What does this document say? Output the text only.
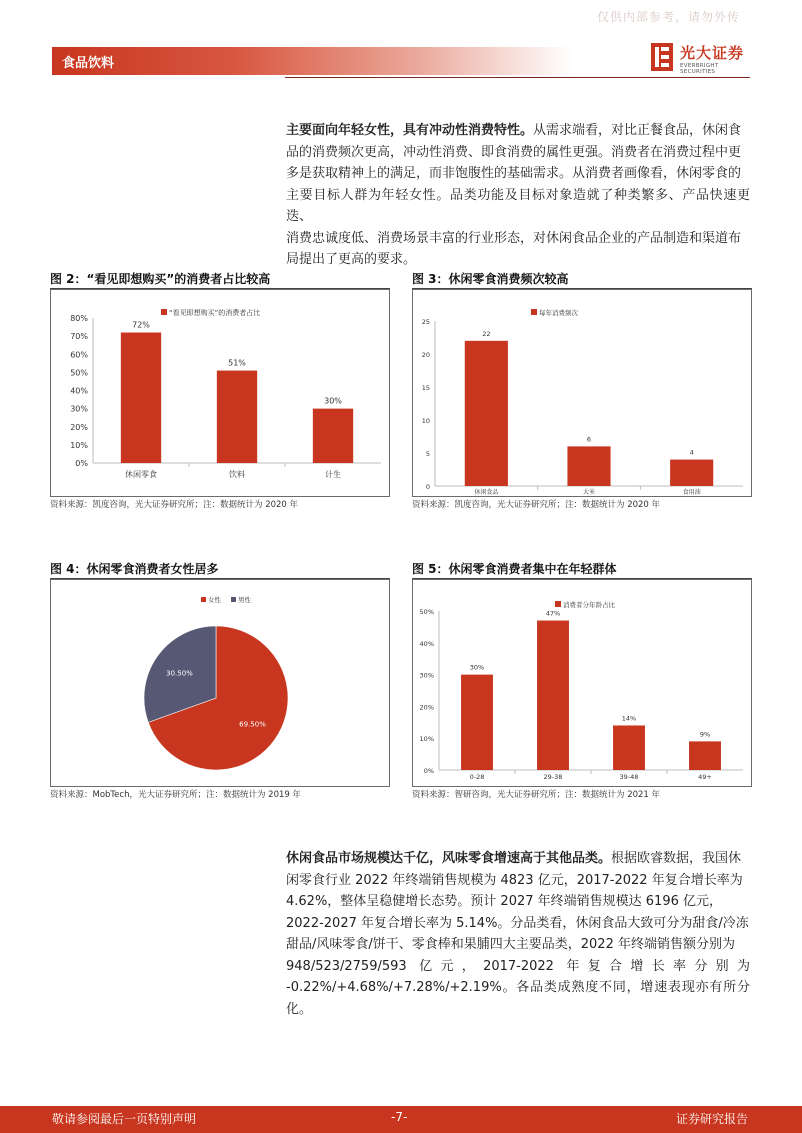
仅供内部参考，请勿外传
食品饮料
光大证券
EVERBRIGHT SECURITIES
主要面向年轻女性，具有冲动性消费特性。从需求端看，对比正餐食品，休闲食
品的消费频次更高，冲动性消费、即食消费的属性更强。消费者在消费过程中更
多是获取精神上的满足，而非饱腹性的基础需求。从消费者画像看，休闲零食的
主要目标人群为年轻女性。品类功能及目标对象造就了种类繁多、产品快速更迭、
消费忠诚度低、消费场景丰富的行业形态，对休闲食品企业的产品制造和渠道布
局提出了更高的要求。
图 2：“看见即想购买”的消费者占比较高
0%
10%
20%
30%
40%
50%
60%
70%
80%
72%
休闲零食
51%
饮料
30%
计生
“看见即想购买”的消费者占比
资料来源：凯度咨询，光大证券研究所；注：数据统计为 2020 年
图 3：休闲零食消费频次较高
0
5
10
15
20
25
22
休闲食品
6
大米
4
食用油
每年消费频次
资料来源：凯度咨询，光大证券研究所；注：数据统计为 2020 年
图 4：休闲零食消费者女性居多
69.50%
30.50%
女性	男性
资料来源：MobTech，光大证券研究所；注：数据统计为 2019 年
图 5：休闲零食消费者集中在年轻群体
0%
10%
20%
30%
40%
50%
30%
0-28
47%
29-38
14%
39-48
9%
49+
消费者分年龄占比
资料来源：智研咨询，光大证券研究所；注：数据统计为 2021 年
休闲食品市场规模达千亿，风味零食增速高于其他品类。根据欧睿数据，我国休
闲零食行业 2022 年终端销售规模为 4823 亿元，2017-2022 年复合增长率为
4.62%，整体呈稳健增长态势。预计 2027 年终端销售规模达 6196 亿元，
2022-2027 年复合增长率为 5.14%。分品类看，休闲食品大致可分为甜食/冷冻
甜品/风味零食/饼干、零食棒和果脯四大主要品类，2022 年终端销售额分别为
948/523/2759/593 亿元，2017-2022 年复合增长率分别为
-0.22%/+4.68%/+7.28%/+2.19%。各品类成熟度不同，增速表现亦有所分化。
敬请参阅最后一页特别声明	-7-	证券研究报告
